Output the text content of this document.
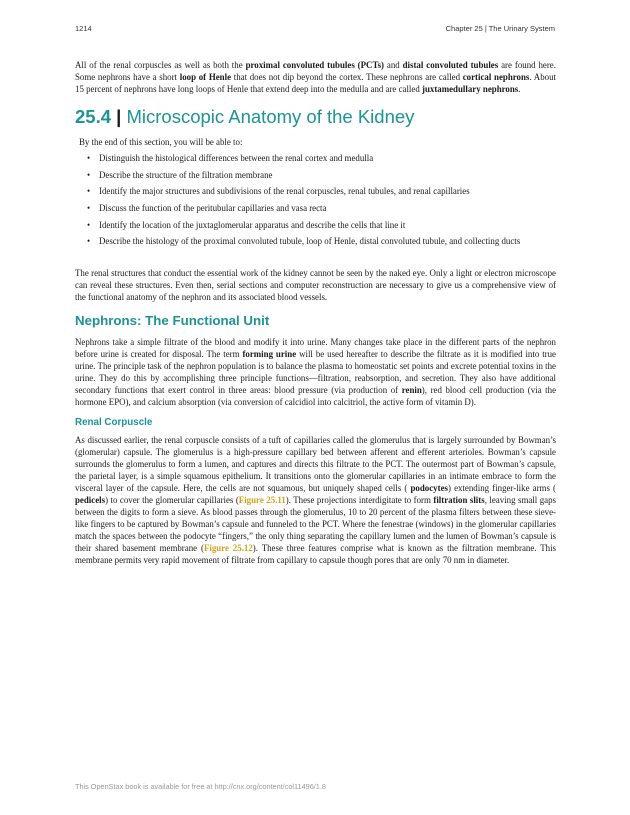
1214	Chapter 25 | The Urinary System

All of the renal corpuscles as well as both the proximal convoluted tubules (PCTs) and distal convoluted tubules are found here. Some nephrons have a short loop of Henle that does not dip beyond the cortex. These nephrons are called cortical nephrons. About 15 percent of nephrons have long loops of Henle that extend deep into the medulla and are called juxtamedullary nephrons.

25.4 | Microscopic Anatomy of the Kidney
By the end of this section, you will be able to:
• Distinguish the histological differences between the renal cortex and medulla
• Describe the structure of the filtration membrane
• Identify the major structures and subdivisions of the renal corpuscles, renal tubules, and renal capillaries
• Discuss the function of the peritubular capillaries and vasa recta
• Identify the location of the juxtaglomerular apparatus and describe the cells that line it
• Describe the histology of the proximal convoluted tubule, loop of Henle, distal convoluted tubule, and collecting ducts

The renal structures that conduct the essential work of the kidney cannot be seen by the naked eye. Only a light or electron microscope can reveal these structures. Even then, serial sections and computer reconstruction are necessary to give us a comprehensive view of the functional anatomy of the nephron and its associated blood vessels.

Nephrons: The Functional Unit

Nephrons take a simple filtrate of the blood and modify it into urine. Many changes take place in the different parts of the nephron before urine is created for disposal. The term forming urine will be used hereafter to describe the filtrate as it is modified into true urine. The principle task of the nephron population is to balance the plasma to homeostatic set points and excrete potential toxins in the urine. They do this by accomplishing three principle functions—filtration, reabsorption, and secretion. They also have additional secondary functions that exert control in three areas: blood pressure (via production of renin), red blood cell production (via the hormone EPO), and calcium absorption (via conversion of calcidiol into calcitriol, the active form of vitamin D).

Renal Corpuscle

As discussed earlier, the renal corpuscle consists of a tuft of capillaries called the glomerulus that is largely surrounded by Bowman’s (glomerular) capsule. The glomerulus is a high-pressure capillary bed between afferent and efferent arterioles. Bowman’s capsule surrounds the glomerulus to form a lumen, and captures and directs this filtrate to the PCT. The outermost part of Bowman’s capsule, the parietal layer, is a simple squamous epithelium. It transitions onto the glomerular capillaries in an intimate embrace to form the visceral layer of the capsule. Here, the cells are not squamous, but uniquely shaped cells ( podocytes) extending finger-like arms ( pedicels) to cover the glomerular capillaries (Figure 25.11). These projections interdigitate to form filtration slits, leaving small gaps between the digits to form a sieve. As blood passes through the glomerulus, 10 to 20 percent of the plasma filters between these sieve-like fingers to be captured by Bowman’s capsule and funneled to the PCT. Where the fenestrae (windows) in the glomerular capillaries match the spaces between the podocyte “fingers,” the only thing separating the capillary lumen and the lumen of Bowman’s capsule is their shared basement membrane (Figure 25.12). These three features comprise what is known as the filtration membrane. This membrane permits very rapid movement of filtrate from capillary to capsule though pores that are only 70 nm in diameter.

This OpenStax book is available for free at http://cnx.org/content/col11496/1.8
